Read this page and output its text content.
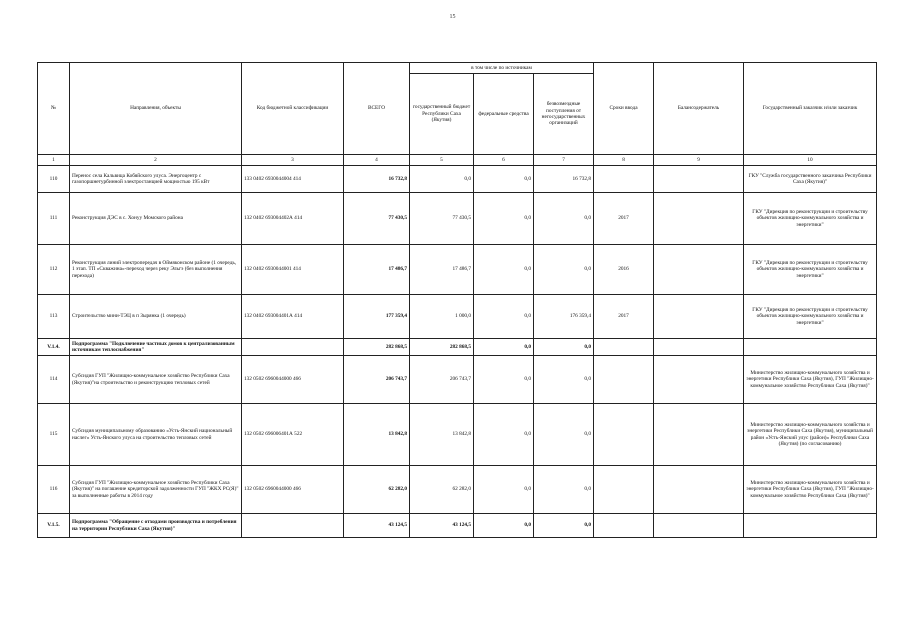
15
№	Направления, объекты	Код бюджетной классификации	ВСЕГО	в том числе по источникам			Сроки ввода	Балансодержатель	Государственный заказчик и/или заказчик
				государственный бюджет Республики Саха (Якутия)	федеральные средства	безвозмездные поступления от негосударственных организаций			
1	2	3	4	5	6	7	8	9	10
110	Перенос села Кальвица Кобяйского улуса. Энергоцентр с газопоршнетурбинной электростанцией мощностью 195 кВт	133 0402 6930044004 414	16 732,8	0,0	0,0	16 732,8			ГКУ "Служба государственного заказчика Республики Саха (Якутия)"
111	Реконструкция ДЭС в с. Хонуу Момского района	132 0402 693004402А 414	77 430,5	77 430,5	0,0	0,0	2017		ГКУ "Дирекция по реконструкции и строительству объектов жилищно-коммунального хозяйства и энергетики"
112	Реконструкция линий электропередач в Оймяконском районе (1 очередь, 1 этап. ТП «Скважина»-переход через реку Эльгэ (без выполнения перехода)	132 0402 6930044001 414	17 486,7	17 486,7	0,0	0,0	2016		ГКУ "Дирекция по реконструкции и строительству объектов жилищно-коммунального хозяйства и энергетики"
113	Строительство мини-ТЭЦ в п Зырянка (1 очередь)	132 0402 693004401А 414	177 359,4	1 000,0	0,0	176 359,4	2017		ГКУ "Дирекция по реконструкции и строительству объектов жилищно-коммунального хозяйства и энергетики"
V.1.4.	Подпрограмма "Подключение частных домов к централизованным источникам теплоснабжения"		282 868,5	282 868,5	0,0	0,0			
114	Субсидия ГУП "Жилищно-коммунальное хозяйство Республики Саха (Якутия)"на строительство и реконструкцию тепловых сетей	132 0502 6960044000 466	206 743,7	206 743,7	0,0	0,0			Министерство жилищно-коммунального хозяйства и энергетики Республики Саха (Якутия), ГУП "Жилищно-коммунальное хозяйство Республики Саха (Якутия)"
115	Субсидия муниципальному образованию «Усть-Янский национальный наслег» Усть-Янского улуса на строительство тепловых сетей	132 0502 696006401А 522	13 842,8	13 842,8	0,0	0,0			Министерство жилищно-коммунального хозяйства и энергетики Республики Саха (Якутия), муниципальный район «Усть-Янский улус (район)» Республики Саха (Якутия) (по согласованию)
116	Субсидия ГУП "Жилищно-коммунальное хозяйство Республики Саха (Якутия)" на погашение кредиторской задолженности ГУП "ЖКХ РС(Я)" за выполненные работы в 2014 году	132 0502 6960044000 466	62 282,0	62 282,0	0,0	0,0			Министерство жилищно-коммунального хозяйства и энергетики Республики Саха (Якутия), ГУП "Жилищно-коммунальное хозяйство Республики Саха (Якутия)"
V.1.5.	Подпрограмма "Обращение с отходами производства и потребления на территории Республики Саха (Якутия)"		43 124,5	43 124,5	0,0	0,0			
